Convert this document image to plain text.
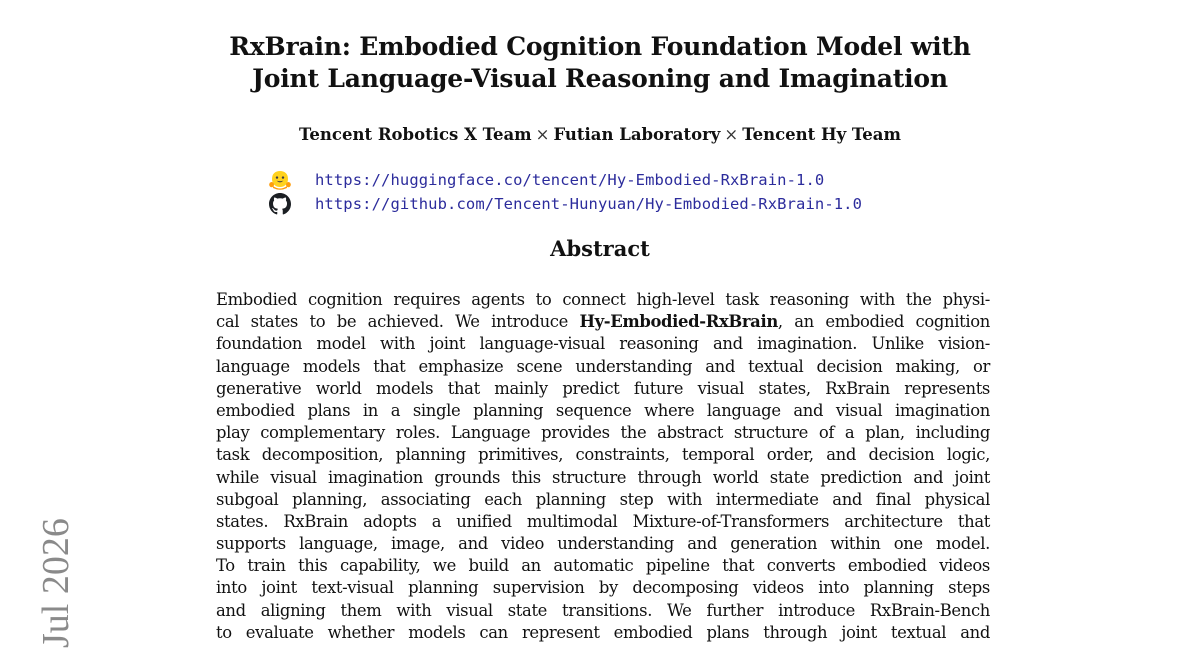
RxBrain: Embodied Cognition Foundation Model with
Joint Language-Visual Reasoning and Imagination
Tencent Robotics X Team × Futian Laboratory × Tencent Hy Team
https://huggingface.co/tencent/Hy-Embodied-RxBrain-1.0
https://github.com/Tencent-Hunyuan/Hy-Embodied-RxBrain-1.0
Abstract
Embodied cognition requires agents to connect high-level task reasoning with the physi-
cal states to be achieved. We introduce Hy-Embodied-RxBrain, an embodied cognition
foundation model with joint language-visual reasoning and imagination. Unlike vision-
language models that emphasize scene understanding and textual decision making, or
generative world models that mainly predict future visual states, RxBrain represents
embodied plans in a single planning sequence where language and visual imagination
play complementary roles. Language provides the abstract structure of a plan, including
task decomposition, planning primitives, constraints, temporal order, and decision logic,
while visual imagination grounds this structure through world state prediction and joint
subgoal planning, associating each planning step with intermediate and final physical
states. RxBrain adopts a unified multimodal Mixture-of-Transformers architecture that
supports language, image, and video understanding and generation within one model.
To train this capability, we build an automatic pipeline that converts embodied videos
into joint text-visual planning supervision by decomposing videos into planning steps
and aligning them with visual state transitions. We further introduce RxBrain-Bench
to evaluate whether models can represent embodied plans through joint textual and
Jul 2026
